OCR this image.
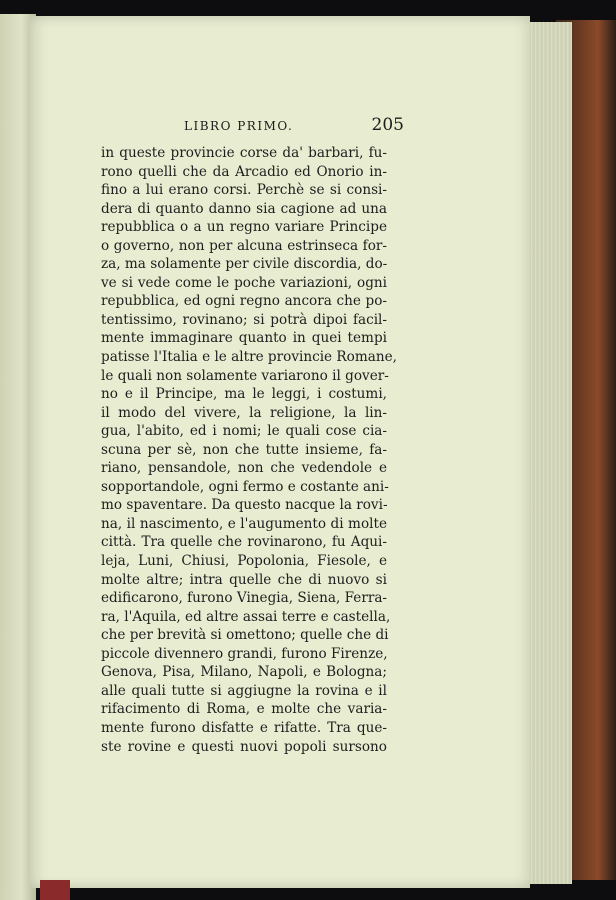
LIBRO PRIMO.	205
in queste provincie corse da' barbari, fu-
rono quelli che da Arcadio ed Onorio in-
fino a lui erano corsi. Perchè se si consi-
dera di quanto danno sia cagione ad una
repubblica o a un regno variare Principe
o governo, non per alcuna estrinseca for-
za, ma solamente per civile discordia, do-
ve si vede come le poche variazioni, ogni
repubblica, ed ogni regno ancora che po-
tentissimo, rovinano; si potrà dipoi facil-
mente immaginare quanto in quei tempi
patisse l'Italia e le altre provincie Romane,
le quali non solamente variarono il gover-
no e il Principe, ma le leggi, i costumi,
il modo del vivere, la religione, la lin-
gua, l'abito, ed i nomi; le quali cose cia-
scuna per sè, non che tutte insieme, fa-
riano, pensandole, non che vedendole e
sopportandole, ogni fermo e costante ani-
mo spaventare. Da questo nacque la rovi-
na, il nascimento, e l'augumento di molte
città. Tra quelle che rovinarono, fu Aqui-
leja, Luni, Chiusi, Popolonia, Fiesole, e
molte altre; intra quelle che di nuovo si
edificarono, furono Vinegia, Siena, Ferra-
ra, l'Aquila, ed altre assai terre e castella,
che per brevità si omettono; quelle che di
piccole divennero grandi, furono Firenze,
Genova, Pisa, Milano, Napoli, e Bologna;
alle quali tutte si aggiugne la rovina e il
rifacimento di Roma, e molte che varia-
mente furono disfatte e rifatte. Tra que-
ste rovine e questi nuovi popoli sursono
